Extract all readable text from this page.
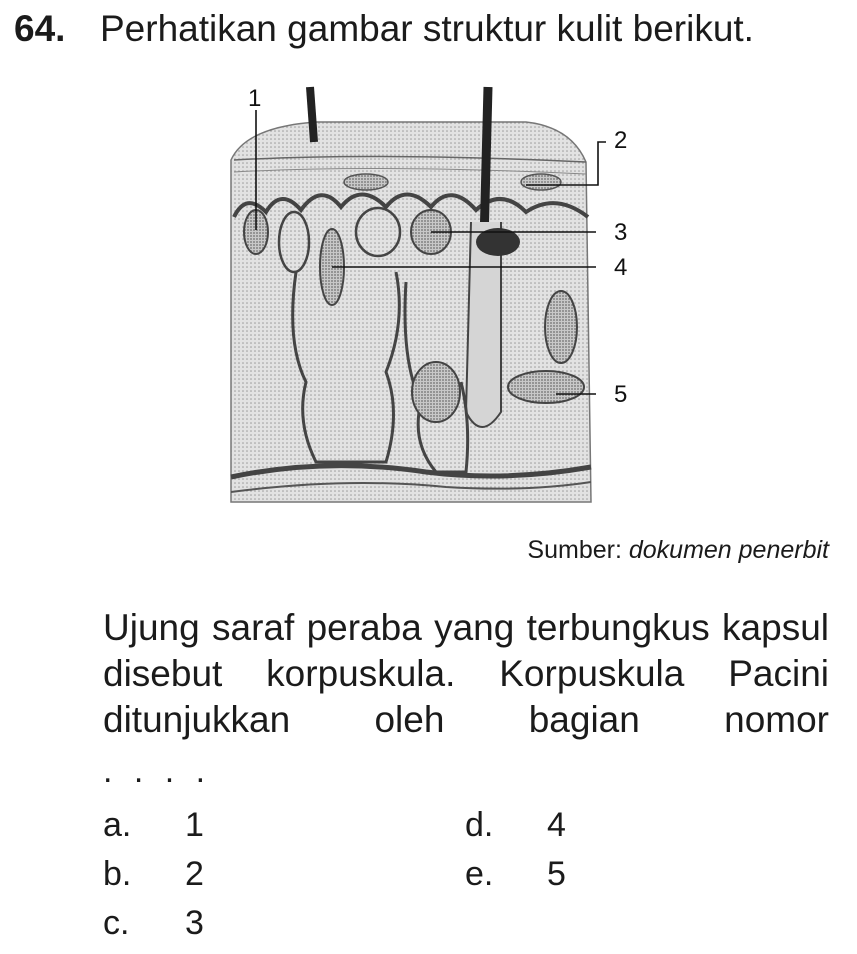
64. Perhatikan gambar struktur kulit berikut.
1
2
3
4
5
Sumber: dokumen penerbit
Ujung saraf peraba yang terbungkus kapsul disebut korpuskula. Korpuskula Pacini ditunjukkan oleh bagian nomor
. . . .
a. 1
b. 2
c. 3
d. 4
e. 5
